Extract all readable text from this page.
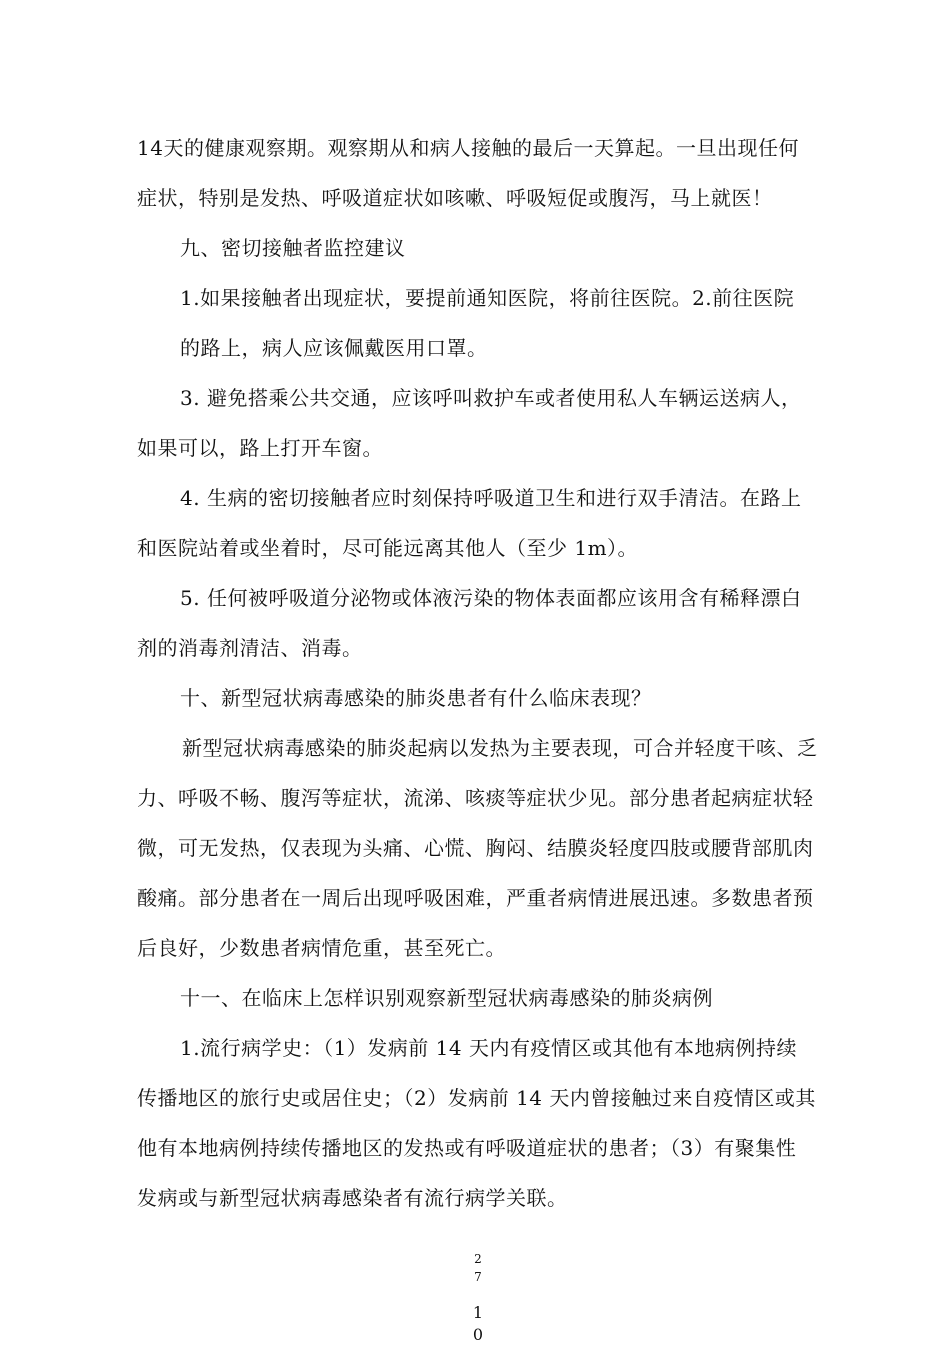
14天的健康观察期。观察期从和病人接触的最后一天算起。一旦出现任何
症状，特别是发热、呼吸道症状如咳嗽、呼吸短促或腹泻，马上就医！
九、密切接触者监控建议
1.如果接触者出现症状，要提前通知医院，将前往医院。2.前往医院
的路上，病人应该佩戴医用口罩。
3. 避免搭乘公共交通，应该呼叫救护车或者使用私人车辆运送病人，
如果可以，路上打开车窗。
4. 生病的密切接触者应时刻保持呼吸道卫生和进行双手清洁。在路上
和医院站着或坐着时，尽可能远离其他人（至少 1m）。
5. 任何被呼吸道分泌物或体液污染的物体表面都应该用含有稀释漂白
剂的消毒剂清洁、消毒。
十、新型冠状病毒感染的肺炎患者有什么临床表现？
新型冠状病毒感染的肺炎起病以发热为主要表现，可合并轻度干咳、乏
力、呼吸不畅、腹泻等症状，流涕、咳痰等症状少见。部分患者起病症状轻
微，可无发热，仅表现为头痛、心慌、胸闷、结膜炎轻度四肢或腰背部肌肉
酸痛。部分患者在一周后出现呼吸困难，严重者病情进展迅速。多数患者预
后良好，少数患者病情危重，甚至死亡。
十一、在临床上怎样识别观察新型冠状病毒感染的肺炎病例
1.流行病学史：（1）发病前 14 天内有疫情区或其他有本地病例持续
传播地区的旅行史或居住史；（2）发病前 14 天内曾接触过来自疫情区或其
他有本地病例持续传播地区的发热或有呼吸道症状的患者；（3）有聚集性
发病或与新型冠状病毒感染者有流行病学关联。
2
7
1
0
